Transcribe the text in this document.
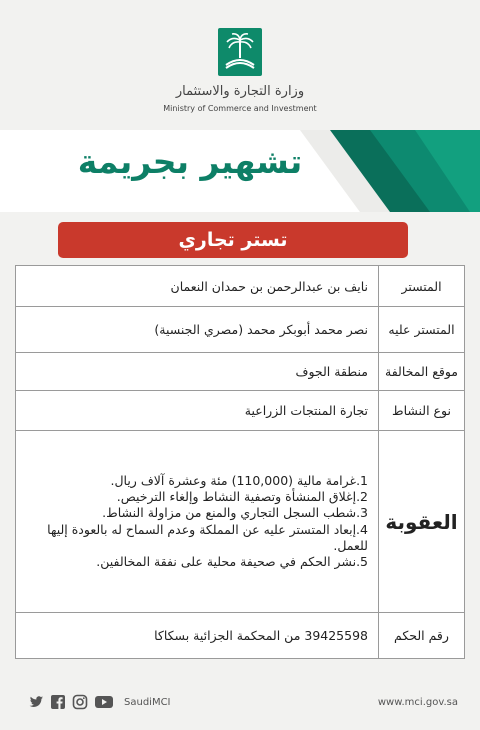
وزارة التجارة والاستثمار
Ministry of Commerce and Investment
تشهير بجريمة
تستر تجاري
المتستر	نايف بن عبدالرحمن بن حمدان النعمان
المتستر عليه	نصر محمد أبوبكر محمد (مصري الجنسية)
موقع المخالفة	منطقة الجوف
نوع النشاط	تجارة المنتجات الزراعية
العقوبة	1.غرامة مالية (110,000) مئة وعشرة آلاف ريال.

2.إغلاق المنشأة وتصفية النشاط وإلغاء الترخيص.

3.شطب السجل التجاري والمنع من مزاولة النشاط.

4.إبعاد المتستر عليه عن المملكة وعدم السماح له بالعودة إليها للعمل.

5.نشر الحكم في صحيفة محلية على نفقة المخالفين.

رقم الحكم	39425598 من المحكمة الجزائية بسكاكا
SaudiMCI	www.mci.gov.sa
